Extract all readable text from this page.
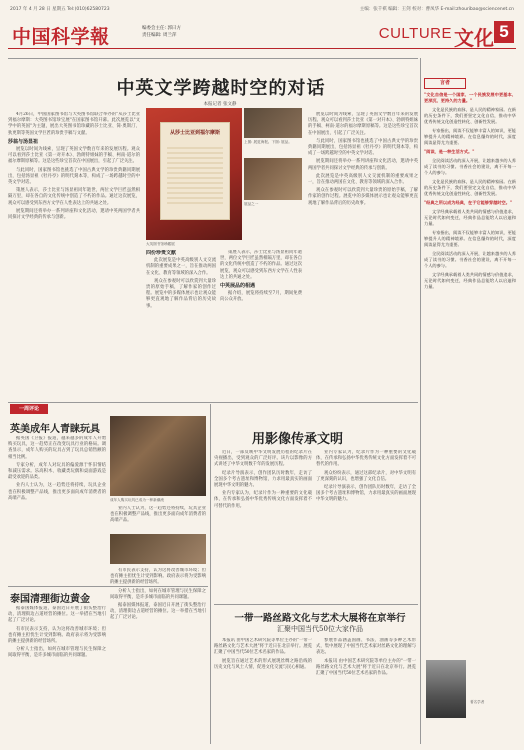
2017 年 4 月 28 日 星期五 Tel:(010)62580723	主编：张千祺 编辑：王剑 校对：曹凤华 E-mail:zhouribao@sciencenet.cn
中国科学報	编委会主任: 郭曰方
责任编辑: 周兰萍	CULTURE 文化 5
中英文学跨越时空的对话
本报记者 张文静

4月26日，中国国家图书馆与大英图书馆联合举办的"从莎士比亚到福尔摩斯：大英图书馆珍宝展"在国家图书馆开幕。此次展览以"文学中的英国"为主题，展出大英图书馆珍藏的莎士比亚、简·奥斯汀、狄更斯等英国文学巨匠的珍贵手稿与文献。

莎翁与汤显祖

展览以时间为线索，呈现了英国文学数百年来的发展历程。观众可以看到莎士比亚《第一对开本》、勃朗特姐妹的手稿、柯南·道尔的福尔摩斯原稿等。这是这些珍宝首次在中国展出，引起了广泛关注。

与此同时，国家图书馆也挑选了中国古典文学的珍贵典籍同期展出，包括汤显祖《牡丹亭》的明代刻本等，构成了一场跨越时空的中英文学对话。

策展人表示，莎士比亚与汤显祖同年逝世，两位文学巨匠虽然相隔万里，却在各自的文化传统中创造了不朽的作品。通过这次展览，观众可以感受到东西方文学在人性表达上的共通之处。

展览期间还将举办一系列讲座和文化活动，邀请中英两国学者共同探讨文学经典的传承与创新。

从莎士比亚到福尔摩斯
大英图书馆珍藏展
上图: 展览海报。下图: 展品。
展品之一

四份珍贵文献

此次展览是中英高级别人文交流机制的重要成果之一，旨在推动两国在文化、教育等领域的深入合作。

观众在参观时可以欣赏到大量珍贵的原始手稿，了解作家的创作过程。展览中的多媒体展示也让观众能够更直观地了解作品背后的历史故事。

策展人表示，莎士比亚与汤显祖同年逝世，两位文学巨匠虽然相隔万里，却在各自的文化传统中创造了不朽的作品。通过这次展览，观众可以感受到东西方文学在人性表达上的共通之处。

中英展品的相遇

据介绍，展览将持续至7月，期间免费向公众开放。

展览以时间为线索，呈现了英国文学数百年来的发展历程。观众可以看到莎士比亚《第一对开本》、勃朗特姐妹的手稿、柯南·道尔的福尔摩斯原稿等。这是这些珍宝首次在中国展出，引起了广泛关注。

与此同时，国家图书馆也挑选了中国古典文学的珍贵典籍同期展出，包括汤显祖《牡丹亭》的明代刻本等，构成了一场跨越时空的中英文学对话。

展览期间还将举办一系列讲座和文化活动，邀请中英两国学者共同探讨文学经典的传承与创新。

此次展览是中英高级别人文交流机制的重要成果之一，旨在推动两国在文化、教育等领域的深入合作。

观众在参观时可以欣赏到大量珍贵的原始手稿，了解作家的创作过程。展览中的多媒体展示也让观众能够更直观地了解作品背后的历史故事。

一周评论
英美成年人青睐玩具

据英国《卫报》报道，越来越多的成年人开始购买玩具，这一趋势正在改变玩具行业的格局。调查显示，成年人购买的玩具占到了玩具总销售额的相当比例。

专家分析，成年人对玩具的偏爱源于怀旧情结和减压需求。乐高积木、收藏类玩偶和桌面游戏是最受欢迎的品类。

业内人士认为，这一趋势还将持续，玩具企业也在积极调整产品线，推出更多面向成年消费者的高端产品。	成年人购买玩具已成为一种新潮流

业内人士认为，这一趋势还将持续，玩具企业也在积极调整产品线，推出更多面向成年消费者的高端产品。

泰国清理街边黄金

据泰国媒体报道，泰国近日开展了街头整治行动，清理街边占道经营的摊位。这一举措在当地引起了广泛讨论。

有市民表示支持，认为这将改善城市环境；但也有摊主担忧生计受到影响。政府表示将为受影响的摊主提供新的经营场所。

分析人士指出，如何在城市管理与民生保障之间取得平衡，是许多城市面临的共同课题。

有市民表示支持，认为这将改善城市环境；但也有摊主担忧生计受到影响。政府表示将为受影响的摊主提供新的经营场所。

分析人士指出，如何在城市管理与民生保障之间取得平衡，是许多城市面临的共同课题。

据泰国媒体报道，泰国近日开展了街头整治行动，清理街边占道经营的摊位。这一举措在当地引起了广泛讨论。

用影像传承文明

近日，一部反映中华文明发展历程的纪录片在央视播出，受到观众的广泛好评。该片以影像的方式讲述了中华文明数千年的发展历程。

纪录片导演表示，创作团队历时数年，走访了全国多个考古遗址和博物馆，力求用最真实的画面展现中华文明的魅力。

业内专家认为，纪录片作为一种重要的文化载体，在传承和弘扬中华优秀传统文化方面发挥着不可替代的作用。

业内专家认为，纪录片作为一种重要的文化载体，在传承和弘扬中华优秀传统文化方面发挥着不可替代的作用。

观众纷纷表示，通过这部纪录片，对中华文明有了更深刻的认识，也增强了文化自信。

纪录片导演表示，创作团队历时数年，走访了全国多个考古遗址和博物馆，力求用最真实的画面展现中华文明的魅力。

一带一路丝路文化与艺术大展将在京举行
汇聚中国当代50位大家作品

本报讯 由中国艺术研究院等单位主办的"一带一路丝路文化与艺术大展"将于近日在北京举行。展览汇聚了中国当代50位艺术名家的作品。

展览旨在通过艺术的形式展现丝绸之路沿线的历史文化与风土人情，促进文化交流与民心相通。

参展作品涵盖国画、书法、油画等多种艺术形式，集中展现了中国当代艺术家对丝路文化的理解与表达。

本报讯 由中国艺术研究院等单位主办的"一带一路丝路文化与艺术大展"将于近日在北京举行。展览汇聚了中国当代50位艺术名家的作品。

言者

"文化自信是一个国家、一个民族发展中更基本、更深沉、更持久的力量。"

文化是民族的血脉，是人民的精神家园。在新的历史条件下，我们要坚定文化自信，推动中华优秀传统文化创造性转化、创新性发展。

专家指出，阅读不仅能够丰富人的知识，更能够提升人的精神境界。在信息爆炸的时代，深度阅读显得尤为重要。

"阅读，是一种生活方式。"

全民阅读活动的深入开展，让越来越多的人养成了读书的习惯。书香社会的建设，离不开每一个人的参与。

文化是民族的血脉，是人民的精神家园。在新的历史条件下，我们要坚定文化自信，推动中华优秀传统文化创造性转化、创新性发展。

"经典之所以成为经典，在于它能够穿越时空。"

文学经典承载着人类共同的情感与价值追求，无论时代如何变迁，经典作品总能给人以启迪和力量。

专家指出，阅读不仅能够丰富人的知识，更能够提升人的精神境界。在信息爆炸的时代，深度阅读显得尤为重要。

全民阅读活动的深入开展，让越来越多的人养成了读书的习惯。书香社会的建设，离不开每一个人的参与。

文学经典承载着人类共同的情感与价值追求，无论时代如何变迁，经典作品总能给人以启迪和力量。

著名学者
